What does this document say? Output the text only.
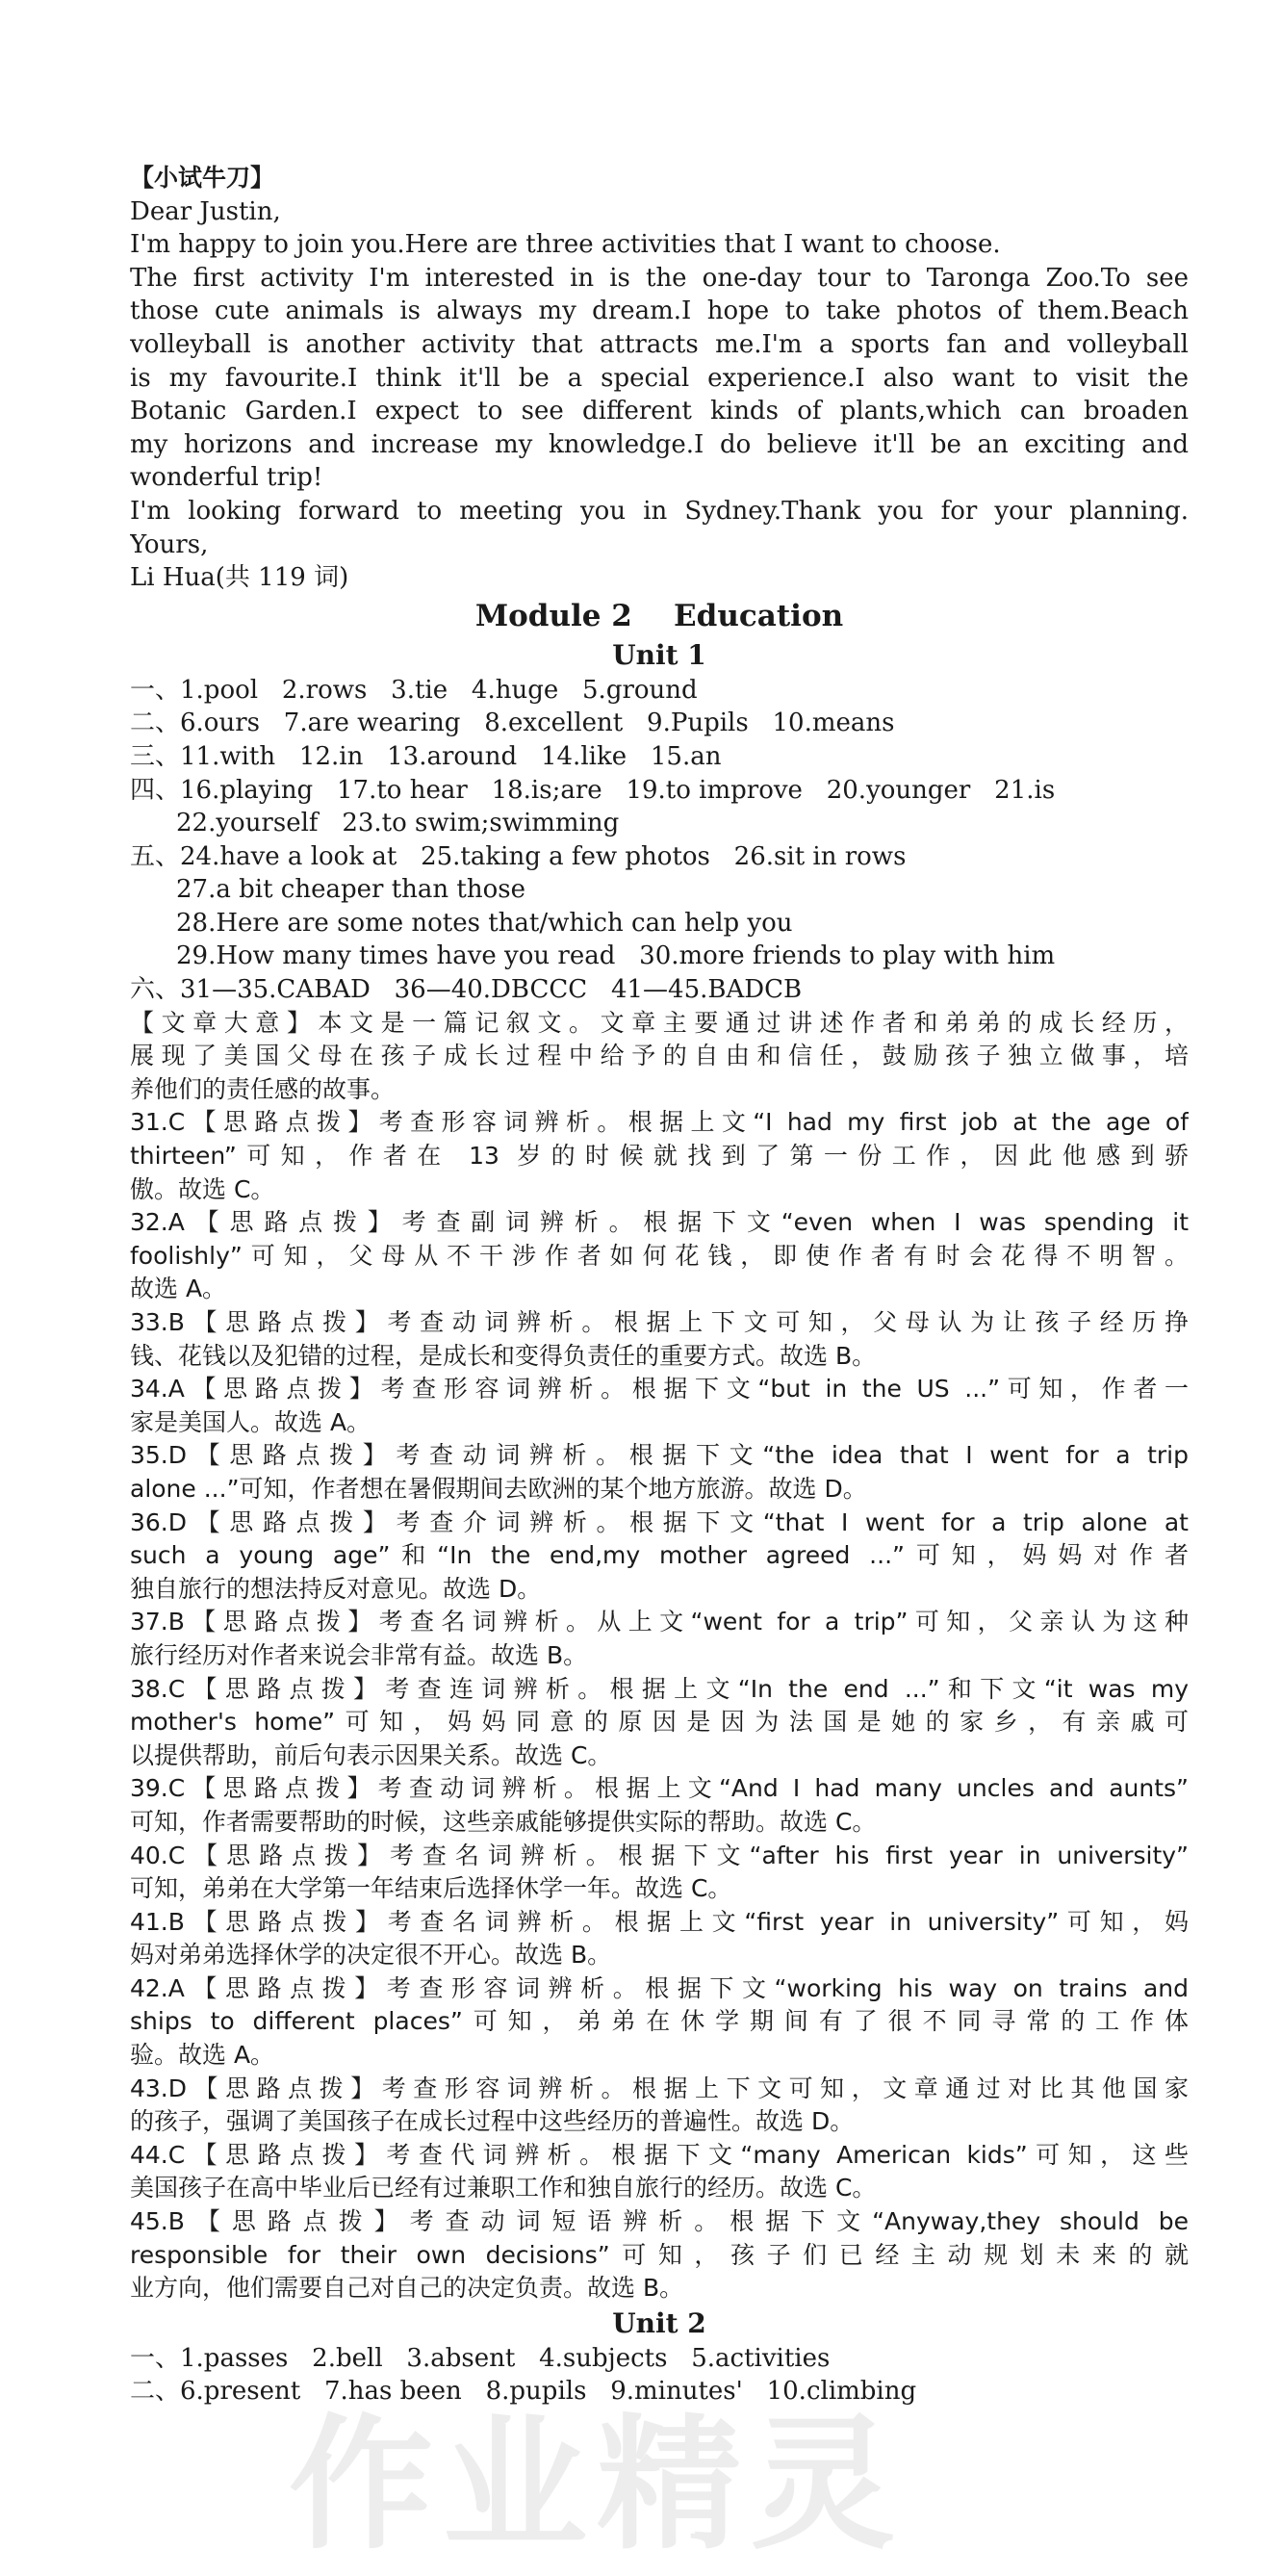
【小试牛刀】
Dear Justin,
I'm happy to join you.Here are three activities that I want to choose.
The first activity I'm interested in is the one-day tour to Taronga Zoo.To see
those cute animals is always my dream.I hope to take photos of them.Beach
volleyball is another activity that attracts me.I'm a sports fan and volleyball
is my favourite.I think it'll be a special experience.I also want to visit the
Botanic Garden.I expect to see different kinds of plants,which can broaden
my horizons and increase my knowledge.I do believe it'll be an exciting and
wonderful trip!
I'm looking forward to meeting you in Sydney.Thank you for your planning.
Yours,
Li Hua(共 119 词)
Module 2    Education
Unit 1
一、1.pool   2.rows   3.tie   4.huge   5.ground
二、6.ours   7.are wearing   8.excellent   9.Pupils   10.means
三、11.with   12.in   13.around   14.like   15.an
四、16.playing   17.to hear   18.is;are   19.to improve   20.younger   21.is
22.yourself   23.to swim;swimming
五、24.have a look at   25.taking a few photos   26.sit in rows
27.a bit cheaper than those
28.Here are some notes that/which can help you
29.How many times have you read   30.more friends to play with him
六、31—35.CABAD   36—40.DBCCC   41—45.BADCB
【文章大意】本文是一篇记叙文。文章主要通过讲述作者和弟弟的成长经历，
展现了美国父母在孩子成长过程中给予的自由和信任，鼓励孩子独立做事，培
养他们的责任感的故事。
31.C【思路点拨】考查形容词辨析。根据上文“I had my first job at the age of
thirteen”可知，作者在 13 岁的时候就找到了第一份工作，因此他感到骄
傲。故选 C。
32.A【思路点拨】考查副词辨析。根据下文“even when I was spending it
foolishly”可知，父母从不干涉作者如何花钱，即使作者有时会花得不明智。
故选 A。
33.B【思路点拨】考查动词辨析。根据上下文可知，父母认为让孩子经历挣
钱、花钱以及犯错的过程，是成长和变得负责任的重要方式。故选 B。
34.A【思路点拨】考查形容词辨析。根据下文“but in the US ...”可知，作者一
家是美国人。故选 A。
35.D【思路点拨】考查动词辨析。根据下文“the idea that I went for a trip
alone ...”可知，作者想在暑假期间去欧洲的某个地方旅游。故选 D。
36.D【思路点拨】考查介词辨析。根据下文“that I went for a trip alone at
such a young age”和“In the end,my mother agreed ...”可知，妈妈对作者
独自旅行的想法持反对意见。故选 D。
37.B【思路点拨】考查名词辨析。从上文“went for a trip”可知，父亲认为这种
旅行经历对作者来说会非常有益。故选 B。
38.C【思路点拨】考查连词辨析。根据上文“In the end ...”和下文“it was my
mother's home”可知，妈妈同意的原因是因为法国是她的家乡，有亲戚可
以提供帮助，前后句表示因果关系。故选 C。
39.C【思路点拨】考查动词辨析。根据上文“And I had many uncles and aunts”
可知，作者需要帮助的时候，这些亲戚能够提供实际的帮助。故选 C。
40.C【思路点拨】考查名词辨析。根据下文“after his first year in university”
可知，弟弟在大学第一年结束后选择休学一年。故选 C。
41.B【思路点拨】考查名词辨析。根据上文“first year in university”可知，妈
妈对弟弟选择休学的决定很不开心。故选 B。
42.A【思路点拨】考查形容词辨析。根据下文“working his way on trains and
ships to different places”可知，弟弟在休学期间有了很不同寻常的工作体
验。故选 A。
43.D【思路点拨】考查形容词辨析。根据上下文可知，文章通过对比其他国家
的孩子，强调了美国孩子在成长过程中这些经历的普遍性。故选 D。
44.C【思路点拨】考查代词辨析。根据下文“many American kids”可知，这些
美国孩子在高中毕业后已经有过兼职工作和独自旅行的经历。故选 C。
45.B【思路点拨】考查动词短语辨析。根据下文“Anyway,they should be
responsible for their own decisions”可知，孩子们已经主动规划未来的就
业方向，他们需要自己对自己的决定负责。故选 B。
Unit 2
一、1.passes   2.bell   3.absent   4.subjects   5.activities
二、6.present   7.has been   8.pupils   9.minutes'   10.climbing
作业精灵
